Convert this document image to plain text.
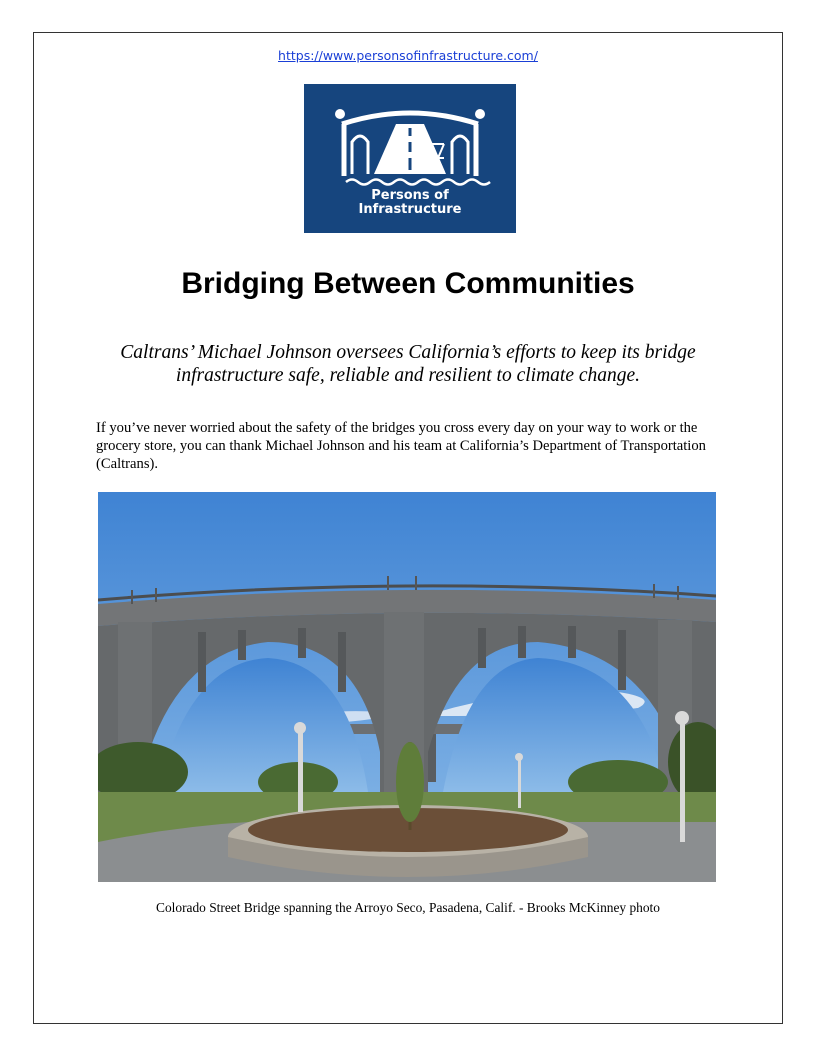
https://www.personsofinfrastructure.com/
Persons of
Infrastructure
Bridging Between Communities
Caltrans’ Michael Johnson oversees California’s efforts to keep its bridge infrastructure safe, reliable and resilient to climate change.
If you’ve never worried about the safety of the bridges you cross every day on your way to work or the grocery store, you can thank Michael Johnson and his team at California’s Department of Transportation (Caltrans).
Colorado Street Bridge spanning the Arroyo Seco, Pasadena, Calif. - Brooks McKinney photo
